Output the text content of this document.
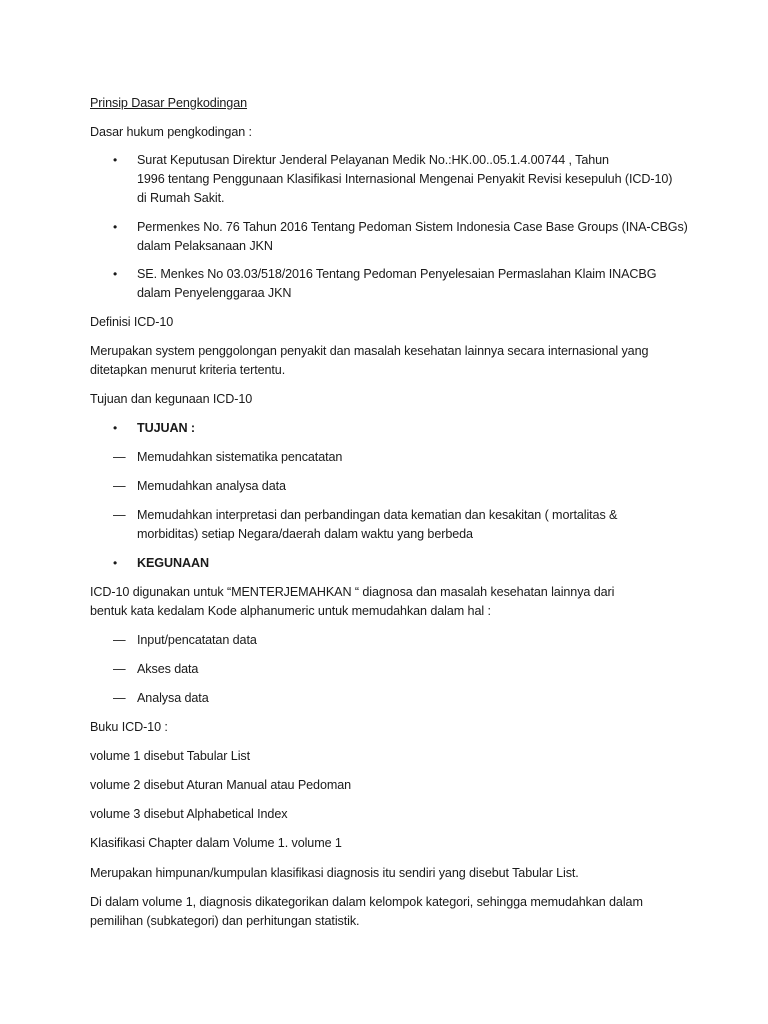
Prinsip Dasar Pengkodingan
Dasar hukum pengkodingan :
• Surat Keputusan Direktur Jenderal Pelayanan Medik No.:HK.00..05.1.4.00744 , Tahun
1996 tentang Penggunaan Klasifikasi Internasional Mengenai Penyakit Revisi kesepuluh (ICD-10)
di Rumah Sakit.
• Permenkes No. 76 Tahun 2016 Tentang Pedoman Sistem Indonesia Case Base Groups (INA-CBGs)
dalam Pelaksanaan JKN
• SE. Menkes No 03.03/518/2016 Tentang Pedoman Penyelesaian Permaslahan Klaim INACBG
dalam Penyelenggaraa JKN
Definisi ICD-10
Merupakan system penggolongan penyakit dan masalah kesehatan lainnya secara internasional yang
ditetapkan menurut kriteria tertentu.
Tujuan dan kegunaan ICD-10
• TUJUAN :
— Memudahkan sistematika pencatatan
— Memudahkan analysa data
— Memudahkan interpretasi dan perbandingan data kematian dan kesakitan ( mortalitas &
morbiditas) setiap Negara/daerah dalam waktu yang berbeda
• KEGUNAAN
ICD-10 digunakan untuk “MENTERJEMAHKAN “ diagnosa dan masalah kesehatan lainnya dari
bentuk kata kedalam Kode alphanumeric untuk memudahkan dalam hal :
— Input/pencatatan data
— Akses data
— Analysa data
Buku ICD-10 :
volume 1 disebut Tabular List
volume 2 disebut Aturan Manual atau Pedoman
volume 3 disebut Alphabetical Index
Klasifikasi Chapter dalam Volume 1. volume 1
Merupakan himpunan/kumpulan klasifikasi diagnosis itu sendiri yang disebut Tabular List.
Di dalam volume 1, diagnosis dikategorikan dalam kelompok kategori, sehingga memudahkan dalam
pemilihan (subkategori) dan perhitungan statistik.
